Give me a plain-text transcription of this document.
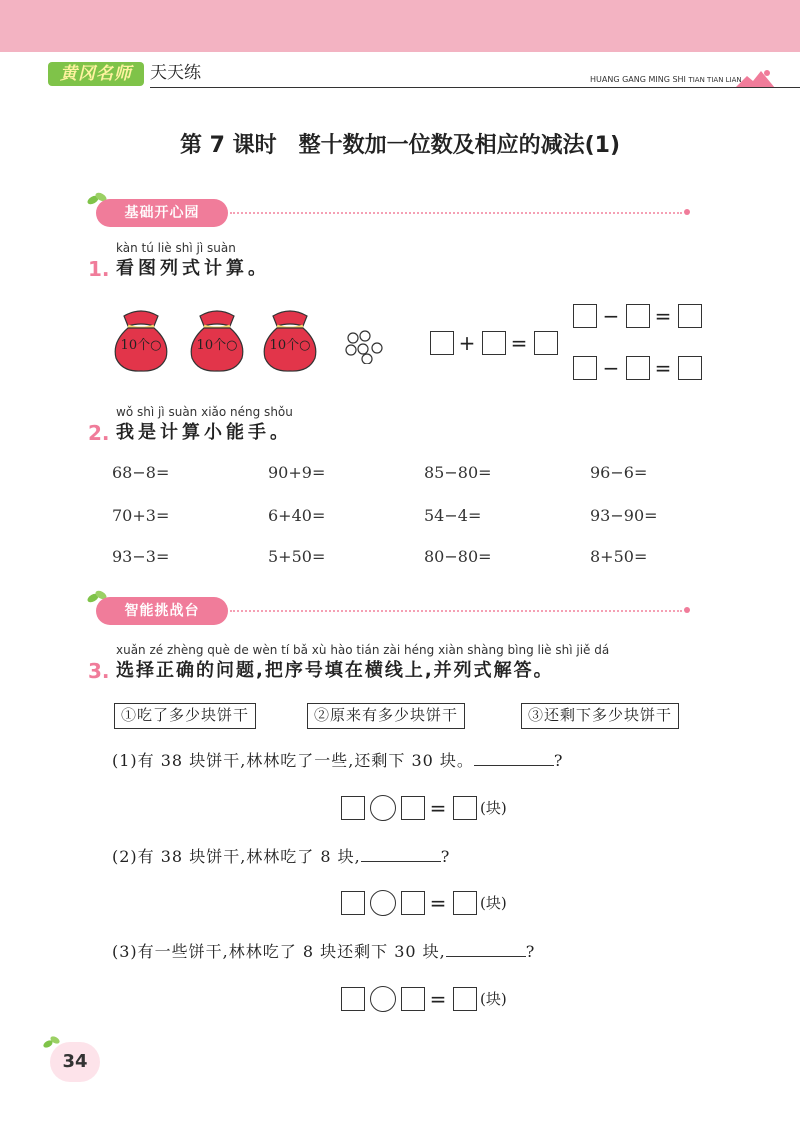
黄冈名师	天天练	HUANG GANG MING SHI TIAN TIAN LIAN
第 7 课时　整十数加一位数及相应的减法(1)
基础开心园
kàn tú liè shì jì suàn
1. 看图列式计算。
10个○	10个○	10个○	+ =
− =
− =
wǒ shì jì suàn xiǎo néng shǒu
2. 我是计算小能手。
68−8=	90+9=	85−80=	96−6=
70+3=	6+40=	54−4=	93−90=
93−3=	5+50=	80−80=	8+50=
智能挑战台
xuǎn zé zhèng què de wèn tí bǎ xù hào tián zài héng xiàn shàng bìng liè shì jiě dá
3. 选择正确的问题,把序号填在横线上,并列式解答。
①吃了多少块饼干	②原来有多少块饼干	③还剩下多少块饼干
(1)有 38 块饼干,林林吃了一些,还剩下 30 块。	?
= (块)
(2)有 38 块饼干,林林吃了 8 块,	?
= (块)
(3)有一些饼干,林林吃了 8 块还剩下 30 块,	?
= (块)
34
